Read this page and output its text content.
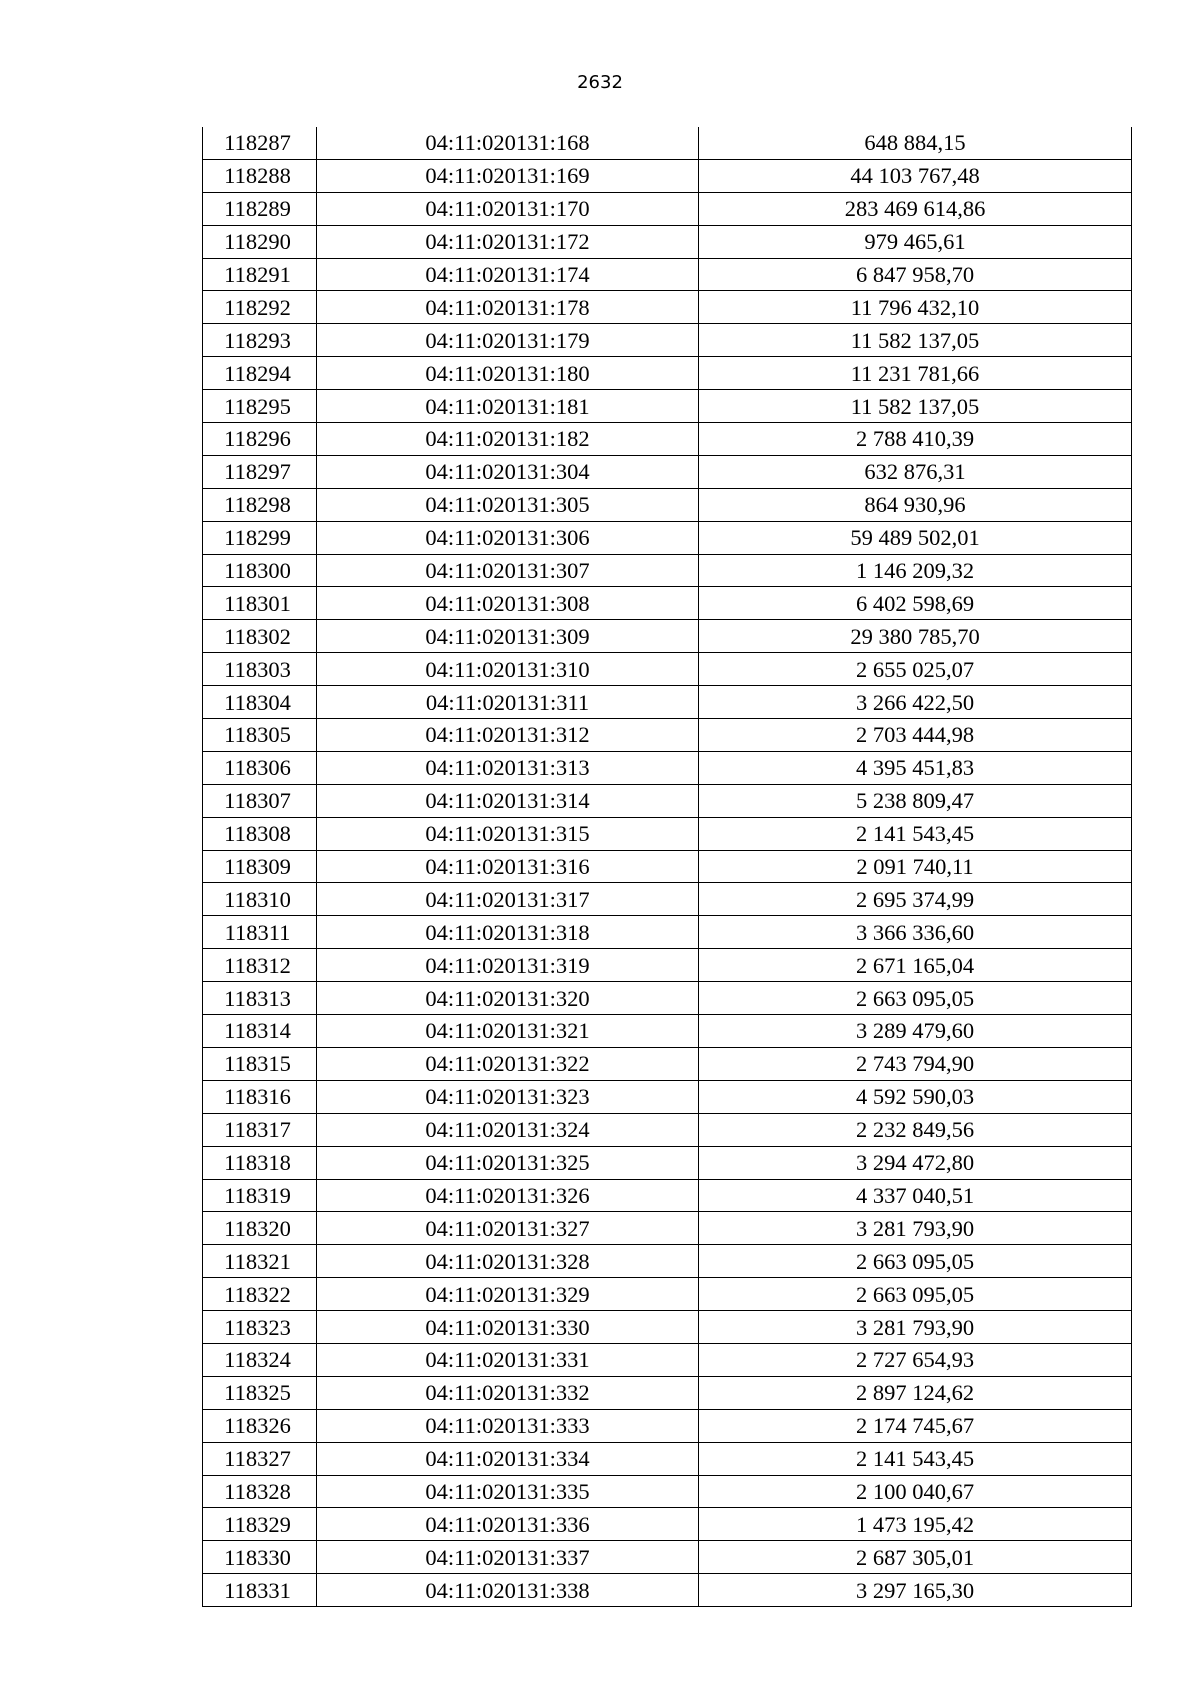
2632
118287	04:11:020131:168	648 884,15
118288	04:11:020131:169	44 103 767,48
118289	04:11:020131:170	283 469 614,86
118290	04:11:020131:172	979 465,61
118291	04:11:020131:174	6 847 958,70
118292	04:11:020131:178	11 796 432,10
118293	04:11:020131:179	11 582 137,05
118294	04:11:020131:180	11 231 781,66
118295	04:11:020131:181	11 582 137,05
118296	04:11:020131:182	2 788 410,39
118297	04:11:020131:304	632 876,31
118298	04:11:020131:305	864 930,96
118299	04:11:020131:306	59 489 502,01
118300	04:11:020131:307	1 146 209,32
118301	04:11:020131:308	6 402 598,69
118302	04:11:020131:309	29 380 785,70
118303	04:11:020131:310	2 655 025,07
118304	04:11:020131:311	3 266 422,50
118305	04:11:020131:312	2 703 444,98
118306	04:11:020131:313	4 395 451,83
118307	04:11:020131:314	5 238 809,47
118308	04:11:020131:315	2 141 543,45
118309	04:11:020131:316	2 091 740,11
118310	04:11:020131:317	2 695 374,99
118311	04:11:020131:318	3 366 336,60
118312	04:11:020131:319	2 671 165,04
118313	04:11:020131:320	2 663 095,05
118314	04:11:020131:321	3 289 479,60
118315	04:11:020131:322	2 743 794,90
118316	04:11:020131:323	4 592 590,03
118317	04:11:020131:324	2 232 849,56
118318	04:11:020131:325	3 294 472,80
118319	04:11:020131:326	4 337 040,51
118320	04:11:020131:327	3 281 793,90
118321	04:11:020131:328	2 663 095,05
118322	04:11:020131:329	2 663 095,05
118323	04:11:020131:330	3 281 793,90
118324	04:11:020131:331	2 727 654,93
118325	04:11:020131:332	2 897 124,62
118326	04:11:020131:333	2 174 745,67
118327	04:11:020131:334	2 141 543,45
118328	04:11:020131:335	2 100 040,67
118329	04:11:020131:336	1 473 195,42
118330	04:11:020131:337	2 687 305,01
118331	04:11:020131:338	3 297 165,30
